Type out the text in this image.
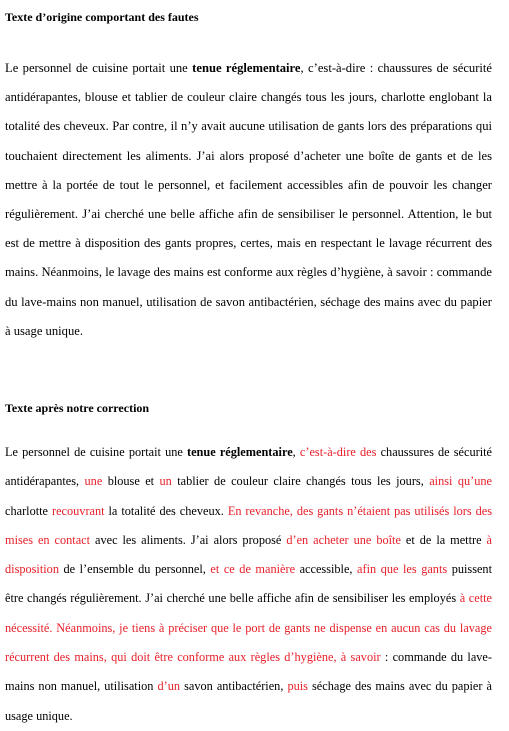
Texte d’origine comportant des fautes

Le personnel de cuisine portait une tenue réglementaire, c’est-à-dire : chaussures de sécurité antidérapantes, blouse et tablier de couleur claire changés tous les jours, charlotte englobant la totalité des cheveux. Par contre, il n’y avait aucune utilisation de gants lors des préparations qui touchaient directement les aliments. J’ai alors proposé d’acheter une boîte de gants et de les mettre à la portée de tout le personnel, et facilement accessibles afin de pouvoir les changer régulièrement. J’ai cherché une belle affiche afin de sensibiliser le personnel. Attention, le but est de mettre à disposition des gants propres, certes, mais en respectant le lavage récurrent des mains. Néanmoins, le lavage des mains est conforme aux règles d’hygiène, à savoir : commande du lave-mains non manuel, utilisation de savon antibactérien, séchage des mains avec du papier à usage unique.

Texte après notre correction

Le personnel de cuisine portait une tenue réglementaire, c’est-à-dire des chaussures de sécurité antidérapantes, une blouse et un tablier de couleur claire changés tous les jours, ainsi qu’une charlotte recouvrant la totalité des cheveux. En revanche, des gants n’étaient pas utilisés lors des mises en contact avec les aliments. J’ai alors proposé d’en acheter une boîte et de la mettre à disposition de l’ensemble du personnel, et ce de manière accessible, afin que les gants puissent être changés régulièrement. J’ai cherché une belle affiche afin de sensibiliser les employés à cette nécessité. Néanmoins, je tiens à préciser que le port de gants ne dispense en aucun cas du lavage récurrent des mains, qui doit être conforme aux règles d’hygiène, à savoir : commande du lave-mains non manuel, utilisation d’un savon antibactérien, puis séchage des mains avec du papier à usage unique.
